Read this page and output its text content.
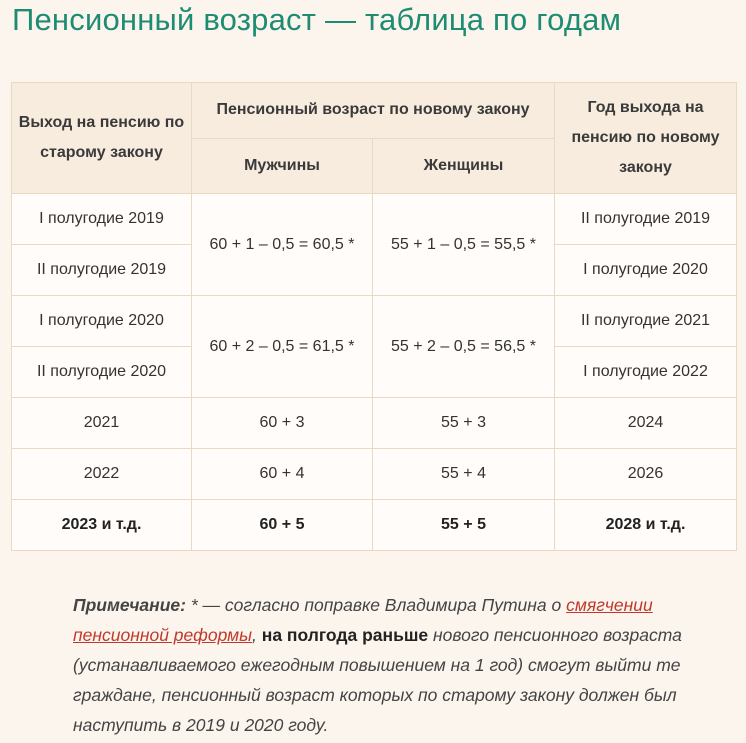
Пенсионный возраст — таблица по годам
Выход на пенсию по старому закону	Пенсионный возраст по новому закону		Год выхода на пенсию по новому закону
	Мужчины	Женщины	
I полугодие 2019	60 + 1 – 0,5 = 60,5 *	55 + 1 – 0,5 = 55,5 *	II полугодие 2019
II полугодие 2019			I полугодие 2020
I полугодие 2020	60 + 2 – 0,5 = 61,5 *	55 + 2 – 0,5 = 56,5 *	II полугодие 2021
II полугодие 2020			I полугодие 2022
2021	60 + 3	55 + 3	2024
2022	60 + 4	55 + 4	2026
2023 и т.д.	60 + 5	55 + 5	2028 и т.д.
Примечание: * — согласно поправке Владимира Путина о смягчении пенсионной реформы, на полгода раньше нового пенсионного возраста (устанавливаемого ежегодным повышением на 1 год) смогут выйти те граждане, пенсионный возраст которых по старому закону должен был наступить в 2019 и 2020 году.
